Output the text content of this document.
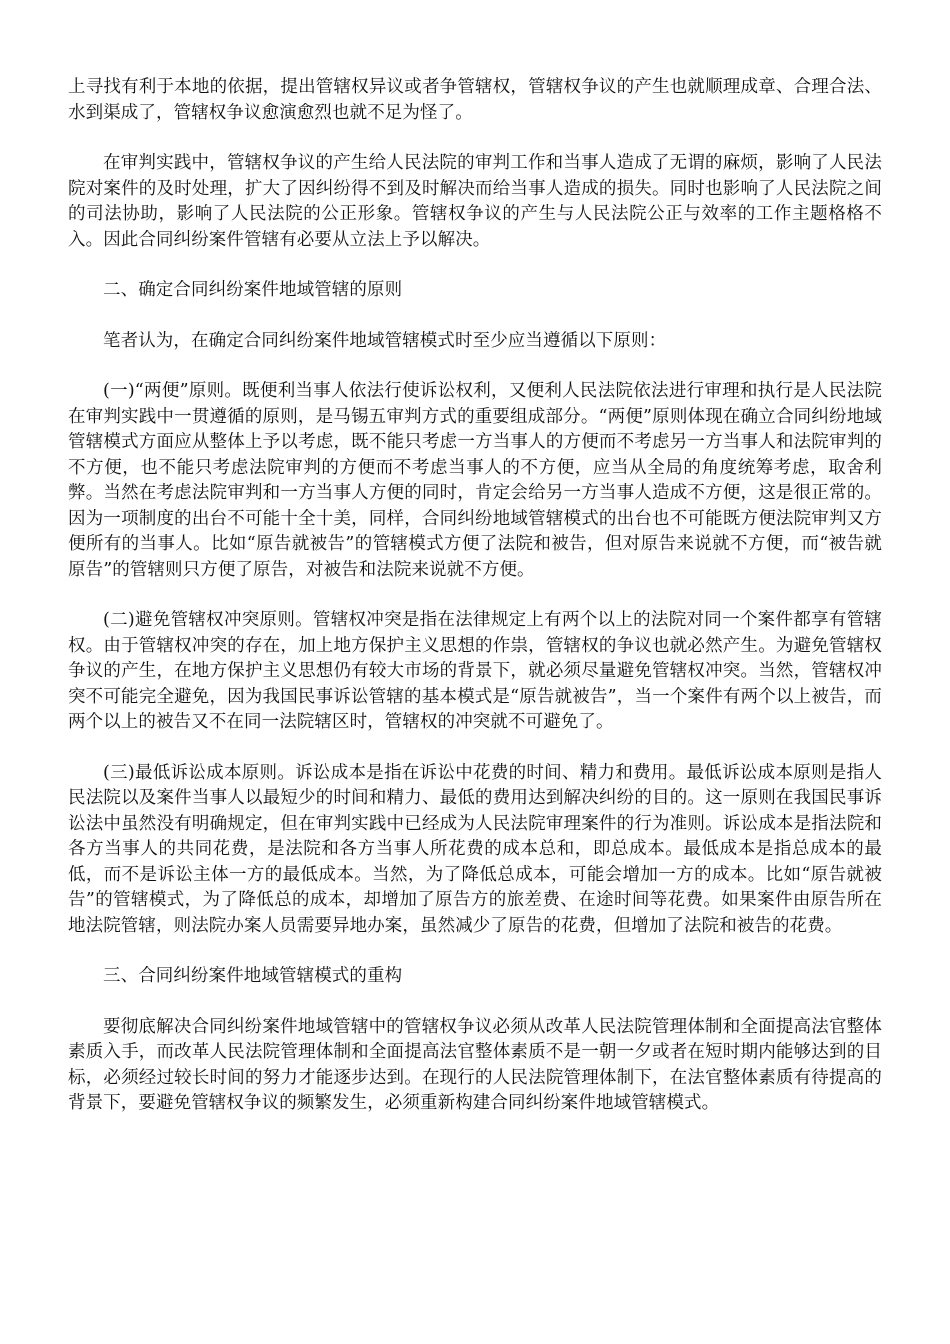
上寻找有利于本地的依据，提出管辖权异议或者争管辖权，管辖权争议的产生也就顺理成章、合理合法、水到渠成了，管辖权争议愈演愈烈也就不足为怪了。

在审判实践中，管辖权争议的产生给人民法院的审判工作和当事人造成了无谓的麻烦，影响了人民法院对案件的及时处理，扩大了因纠纷得不到及时解决而给当事人造成的损失。同时也影响了人民法院之间的司法协助，影响了人民法院的公正形象。管辖权争议的产生与人民法院公正与效率的工作主题格格不入。因此合同纠纷案件管辖有必要从立法上予以解决。

二、确定合同纠纷案件地域管辖的原则

笔者认为，在确定合同纠纷案件地域管辖模式时至少应当遵循以下原则：

(一)“两便”原则。既便利当事人依法行使诉讼权利，又便利人民法院依法进行审理和执行是人民法院在审判实践中一贯遵循的原则，是马锡五审判方式的重要组成部分。“两便”原则体现在确立合同纠纷地域管辖模式方面应从整体上予以考虑，既不能只考虑一方当事人的方便而不考虑另一方当事人和法院审判的不方便，也不能只考虑法院审判的方便而不考虑当事人的不方便，应当从全局的角度统筹考虑，取舍利弊。当然在考虑法院审判和一方当事人方便的同时，肯定会给另一方当事人造成不方便，这是很正常的。因为一项制度的出台不可能十全十美，同样，合同纠纷地域管辖模式的出台也不可能既方便法院审判又方便所有的当事人。比如“原告就被告”的管辖模式方便了法院和被告，但对原告来说就不方便，而“被告就原告”的管辖则只方便了原告，对被告和法院来说就不方便。

(二)避免管辖权冲突原则。管辖权冲突是指在法律规定上有两个以上的法院对同一个案件都享有管辖权。由于管辖权冲突的存在，加上地方保护主义思想的作祟，管辖权的争议也就必然产生。为避免管辖权争议的产生，在地方保护主义思想仍有较大市场的背景下，就必须尽量避免管辖权冲突。当然，管辖权冲突不可能完全避免，因为我国民事诉讼管辖的基本模式是“原告就被告”，当一个案件有两个以上被告，而两个以上的被告又不在同一法院辖区时，管辖权的冲突就不可避免了。

(三)最低诉讼成本原则。诉讼成本是指在诉讼中花费的时间、精力和费用。最低诉讼成本原则是指人民法院以及案件当事人以最短少的时间和精力、最低的费用达到解决纠纷的目的。这一原则在我国民事诉讼法中虽然没有明确规定，但在审判实践中已经成为人民法院审理案件的行为准则。诉讼成本是指法院和各方当事人的共同花费，是法院和各方当事人所花费的成本总和，即总成本。最低成本是指总成本的最低，而不是诉讼主体一方的最低成本。当然，为了降低总成本，可能会增加一方的成本。比如“原告就被告”的管辖模式，为了降低总的成本，却增加了原告方的旅差费、在途时间等花费。如果案件由原告所在地法院管辖，则法院办案人员需要异地办案，虽然减少了原告的花费，但增加了法院和被告的花费。

三、合同纠纷案件地域管辖模式的重构

要彻底解决合同纠纷案件地域管辖中的管辖权争议必须从改革人民法院管理体制和全面提高法官整体素质入手，而改革人民法院管理体制和全面提高法官整体素质不是一朝一夕或者在短时期内能够达到的目标，必须经过较长时间的努力才能逐步达到。在现行的人民法院管理体制下，在法官整体素质有待提高的背景下，要避免管辖权争议的频繁发生，必须重新构建合同纠纷案件地域管辖模式。
